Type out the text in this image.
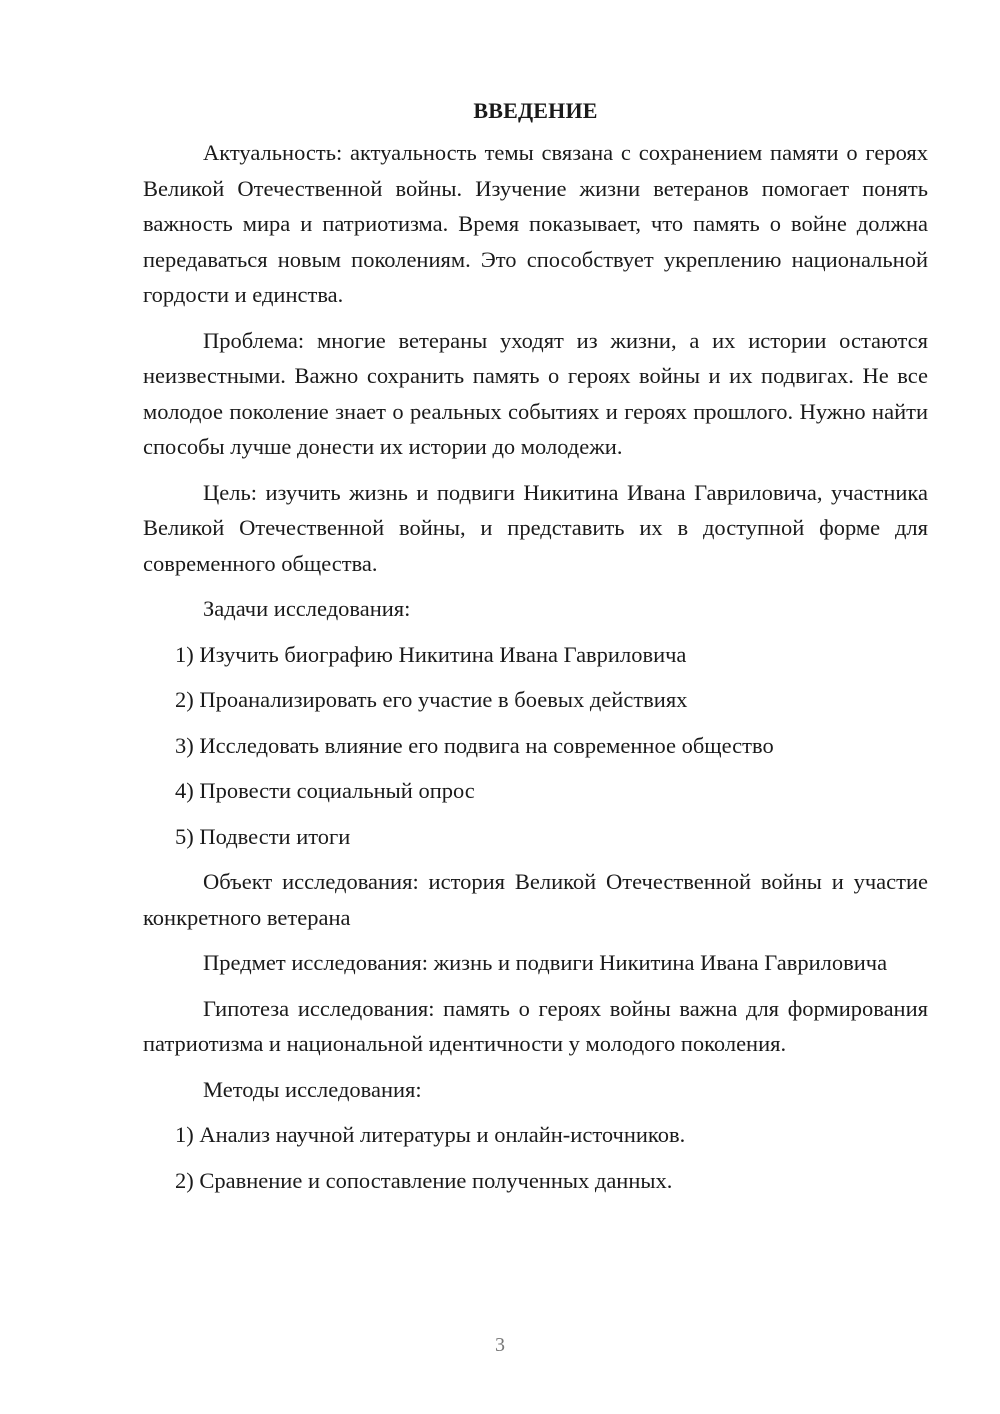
ВВЕДЕНИЕ

Актуальность: актуальность темы связана с сохранением памяти о героях Великой Отечественной войны. Изучение жизни ветеранов помогает понять важность мира и патриотизма. Время показывает, что память о войне должна передаваться новым поколениям. Это способствует укреплению национальной гордости и единства.

Проблема: многие ветераны уходят из жизни, а их истории остаются неизвестными. Важно сохранить память о героях войны и их подвигах. Не все молодое поколение знает о реальных событиях и героях прошлого. Нужно найти способы лучше донести их истории до молодежи.

Цель: изучить жизнь и подвиги Никитина Ивана Гавриловича, участника Великой Отечественной войны, и представить их в доступной форме для современного общества.

Задачи исследования:
1) Изучить биографию Никитина Ивана Гавриловича
2) Проанализировать его участие в боевых действиях
3) Исследовать влияние его подвига на современное общество
4) Провести социальный опрос
5) Подвести итоги

Объект исследования: история Великой Отечественной войны и участие конкретного ветерана

Предмет исследования: жизнь и подвиги Никитина Ивана Гавриловича

Гипотеза исследования: память о героях войны важна для формирования патриотизма и национальной идентичности у молодого поколения.

Методы исследования:
1) Анализ научной литературы и онлайн-источников.
2) Сравнение и сопоставление полученных данных.
3
